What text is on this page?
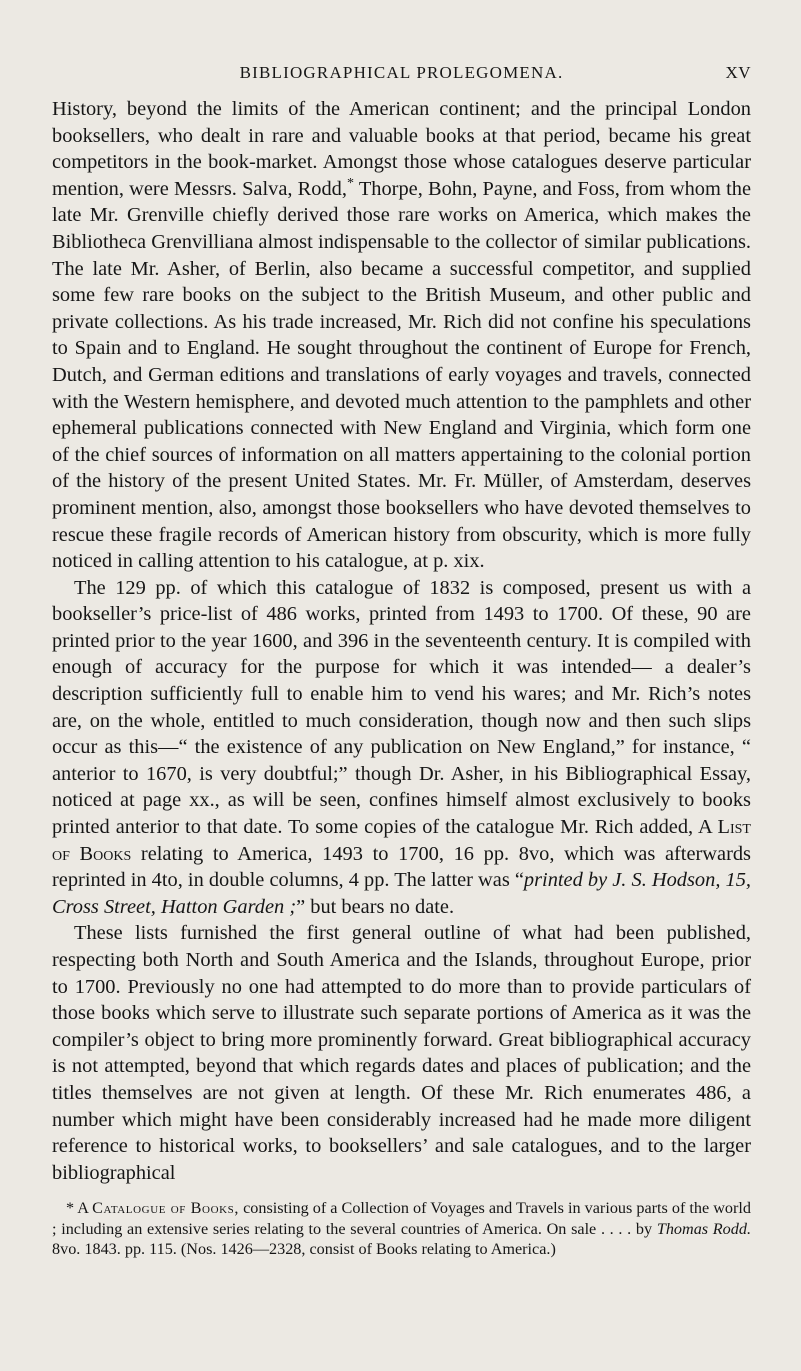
BIBLIOGRAPHICAL PROLEGOMENA.	XV

History, beyond the limits of the American continent; and the principal London booksellers, who dealt in rare and valuable books at that period, became his great competitors in the book-market. Amongst those whose catalogues deserve particular mention, were Messrs. Salva, Rodd,* Thorpe, Bohn, Payne, and Foss, from whom the late Mr. Grenville chiefly derived those rare works on America, which makes the Bibliotheca Grenvilliana almost indispensable to the collector of similar publications. The late Mr. Asher, of Berlin, also became a successful competitor, and supplied some few rare books on the subject to the British Museum, and other public and private collections. As his trade increased, Mr. Rich did not confine his speculations to Spain and to England. He sought throughout the continent of Europe for French, Dutch, and German editions and translations of early voyages and travels, connected with the Western hemisphere, and devoted much attention to the pamphlets and other ephemeral publications connected with New England and Virginia, which form one of the chief sources of information on all matters appertaining to the colonial portion of the history of the present United States. Mr. Fr. Müller, of Amsterdam, deserves prominent mention, also, amongst those booksellers who have devoted themselves to rescue these fragile records of American history from obscurity, which is more fully noticed in calling attention to his catalogue, at p. xix.

The 129 pp. of which this catalogue of 1832 is composed, present us with a bookseller’s price-list of 486 works, printed from 1493 to 1700. Of these, 90 are printed prior to the year 1600, and 396 in the seventeenth century. It is compiled with enough of accuracy for the purpose for which it was intended— a dealer’s description sufficiently full to enable him to vend his wares; and Mr. Rich’s notes are, on the whole, entitled to much consideration, though now and then such slips occur as this—“ the existence of any publication on New England,” for instance, “ anterior to 1670, is very doubtful;” though Dr. Asher, in his Bibliographical Essay, noticed at page xx., as will be seen, confines himself almost exclusively to books printed anterior to that date. To some copies of the catalogue Mr. Rich added, A List of Books relating to America, 1493 to 1700, 16 pp. 8vo, which was afterwards reprinted in 4to, in double columns, 4 pp. The latter was “printed by J. S. Hodson, 15, Cross Street, Hatton Garden ;” but bears no date.

These lists furnished the first general outline of what had been published, respecting both North and South America and the Islands, throughout Europe, prior to 1700. Previously no one had attempted to do more than to provide particulars of those books which serve to illustrate such separate portions of America as it was the compiler’s object to bring more prominently forward. Great bibliographical accuracy is not attempted, beyond that which regards dates and places of publication; and the titles themselves are not given at length. Of these Mr. Rich enumerates 486, a number which might have been considerably increased had he made more diligent reference to historical works, to booksellers’ and sale catalogues, and to the larger bibliographical

* A Catalogue of Books, consisting of a Collection of Voyages and Travels in various parts of the world ; including an extensive series relating to the several countries of America. On sale . . . . by Thomas Rodd. 8vo. 1843. pp. 115. (Nos. 1426—2328, consist of Books relating to America.)
